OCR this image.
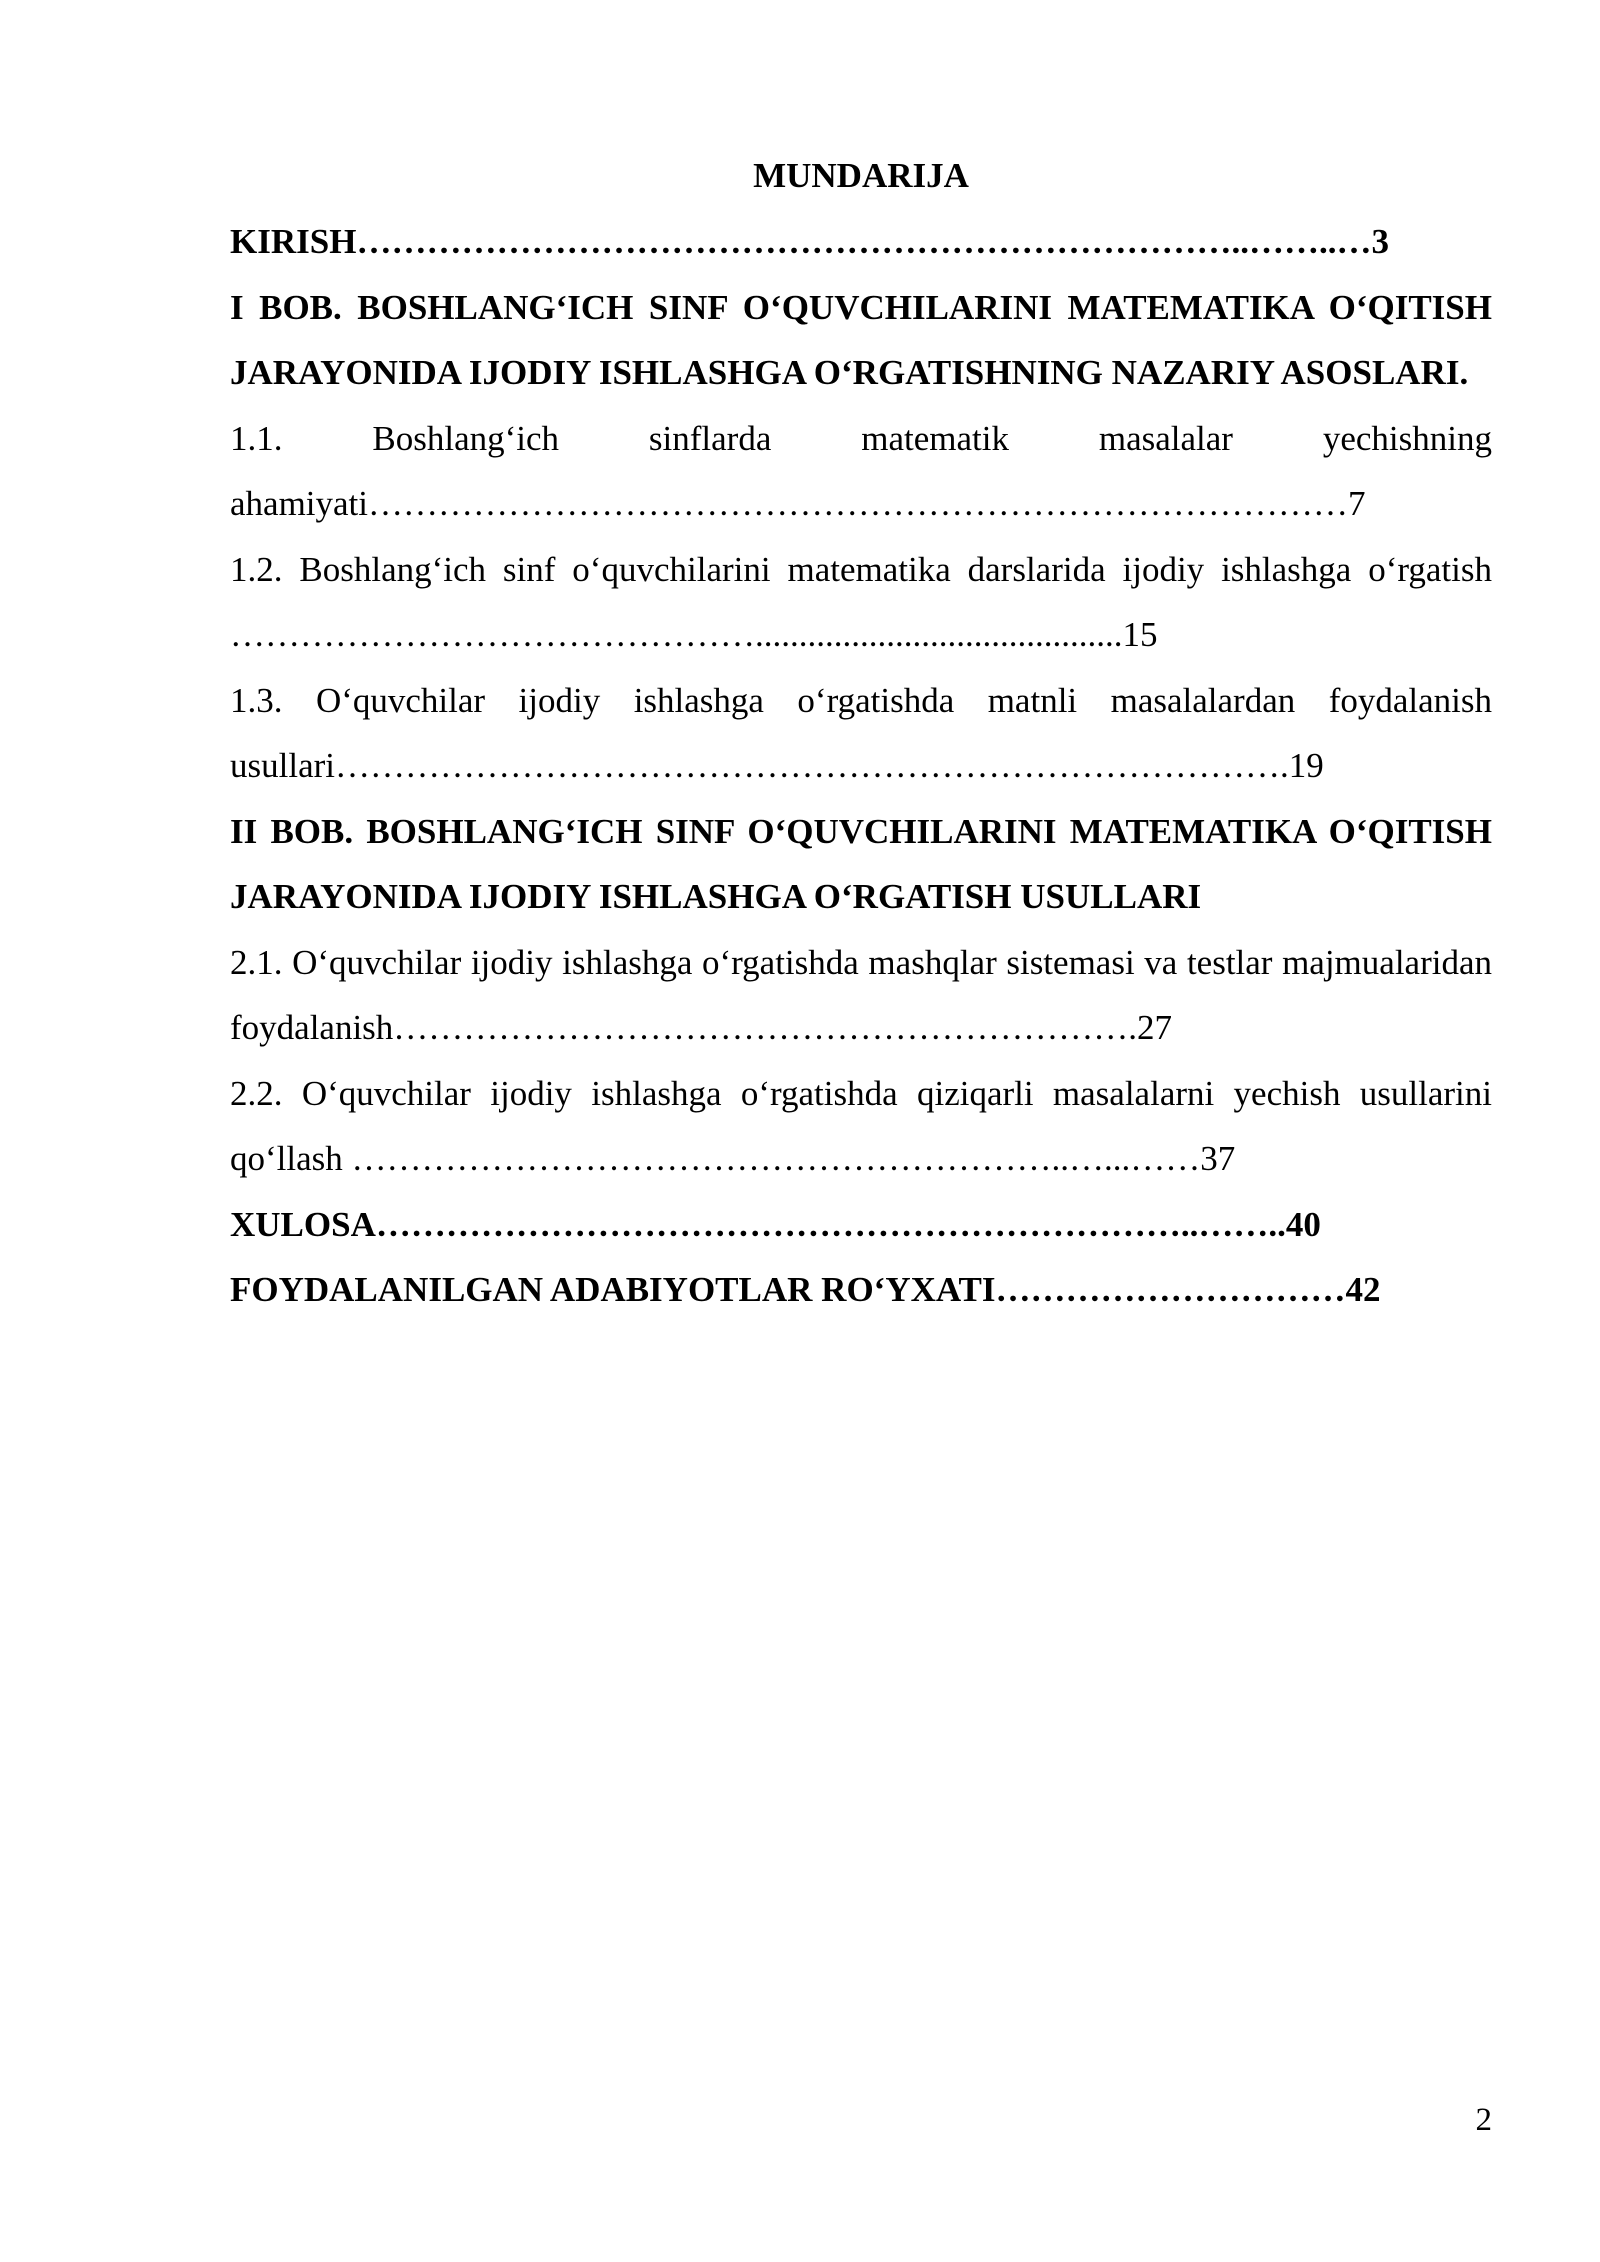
MUNDARIJA

KIRISH…………………………………………………………………..……..…3

I BOB. BOSHLANG‘ICH SINF O‘QUVCHILARINI MATEMATIKA O‘QITISH JARAYONIDA IJODIY ISHLASHGA O‘RGATISHNING NAZARIY ASOSLARI.

1.1. Boshlang‘ich sinflarda matematik masalalar yechishning

ahamiyati…………………………………………………………………………7

1.2. Boshlang‘ich sinf o‘quvchilarini matematika darslarida ijodiy ishlashga o‘rgatish ………………………………………..........................................15

1.3. O‘quvchilar ijodiy ishlashga o‘rgatishda matnli masalalardan foydalanish usullari……………………………………………………………………….19

II BOB. BOSHLANG‘ICH SINF O‘QUVCHILARINI MATEMATIKA O‘QITISH JARAYONIDA IJODIY ISHLASHGA O‘RGATISH USULLARI

2.1. O‘quvchilar ijodiy ishlashga o‘rgatishda mashqlar sistemasi va testlar majmualaridan foydalanish……………………………………………………….27

2.2. O‘quvchilar ijodiy ishlashga o‘rgatishda qiziqarli masalalarni yechish usullarini qo‘llash ……………………………………………………..…...……37

XULOSA……………………………………………………………..……..40

FOYDALANILGAN ADABIYOTLAR RO‘YXATI…………………………42

2
